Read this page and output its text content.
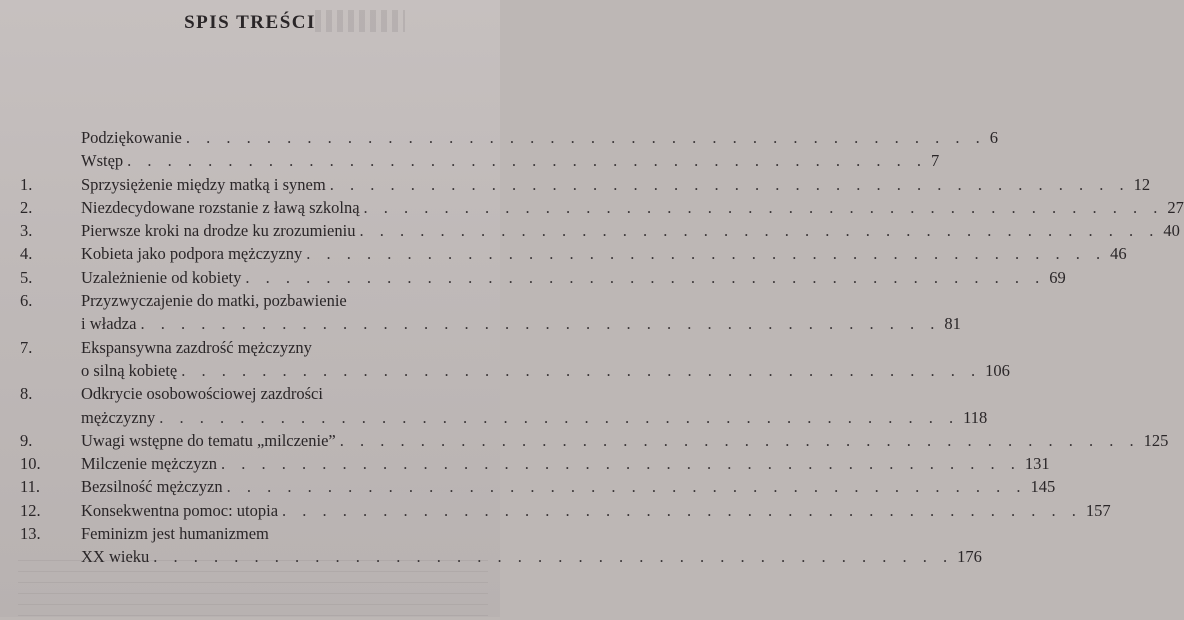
SPIS TREŚCI
Podziękowanie . . . . . . . . . . . . . . . . . . . . . . . . . . . . . . . . . . . . . . . . 6
Wstęp . . . . . . . . . . . . . . . . . . . . . . . . . . . . . . . . . . . . . . . . 7
1.	Sprzysiężenie między matką i synem . . . . . . . . . . . . . . . . . . . . . . . . . . . . . . . . . . . . . . . . 12
2.	Niezdecydowane rozstanie z ławą szkolną . . . . . . . . . . . . . . . . . . . . . . . . . . . . . . . . . . . . . . . . 27
3.	Pierwsze kroki na drodze ku zrozumieniu . . . . . . . . . . . . . . . . . . . . . . . . . . . . . . . . . . . . . . . . 40
4.	Kobieta jako podpora mężczyzny . . . . . . . . . . . . . . . . . . . . . . . . . . . . . . . . . . . . . . . . 46
5.	Uzależnienie od kobiety . . . . . . . . . . . . . . . . . . . . . . . . . . . . . . . . . . . . . . . . 69
6.	Przyzwyczajenie do matki, pozbawienie
i władza . . . . . . . . . . . . . . . . . . . . . . . . . . . . . . . . . . . . . . . . 81
7.	Ekspansywna zazdrość mężczyzny
o silną kobietę . . . . . . . . . . . . . . . . . . . . . . . . . . . . . . . . . . . . . . . . 106
8.	Odkrycie osobowościowej zazdrości
mężczyzny . . . . . . . . . . . . . . . . . . . . . . . . . . . . . . . . . . . . . . . . 118
9.	Uwagi wstępne do tematu „milczenie” . . . . . . . . . . . . . . . . . . . . . . . . . . . . . . . . . . . . . . . . 125
10.	Milczenie mężczyzn . . . . . . . . . . . . . . . . . . . . . . . . . . . . . . . . . . . . . . . . 131
11.	Bezsilność mężczyzn . . . . . . . . . . . . . . . . . . . . . . . . . . . . . . . . . . . . . . . . 145
12.	Konsekwentna pomoc: utopia . . . . . . . . . . . . . . . . . . . . . . . . . . . . . . . . . . . . . . . . 157
13.	Feminizm jest humanizmem
XX wieku . . . . . . . . . . . . . . . . . . . . . . . . . . . . . . . . . . . . . . . . 176
